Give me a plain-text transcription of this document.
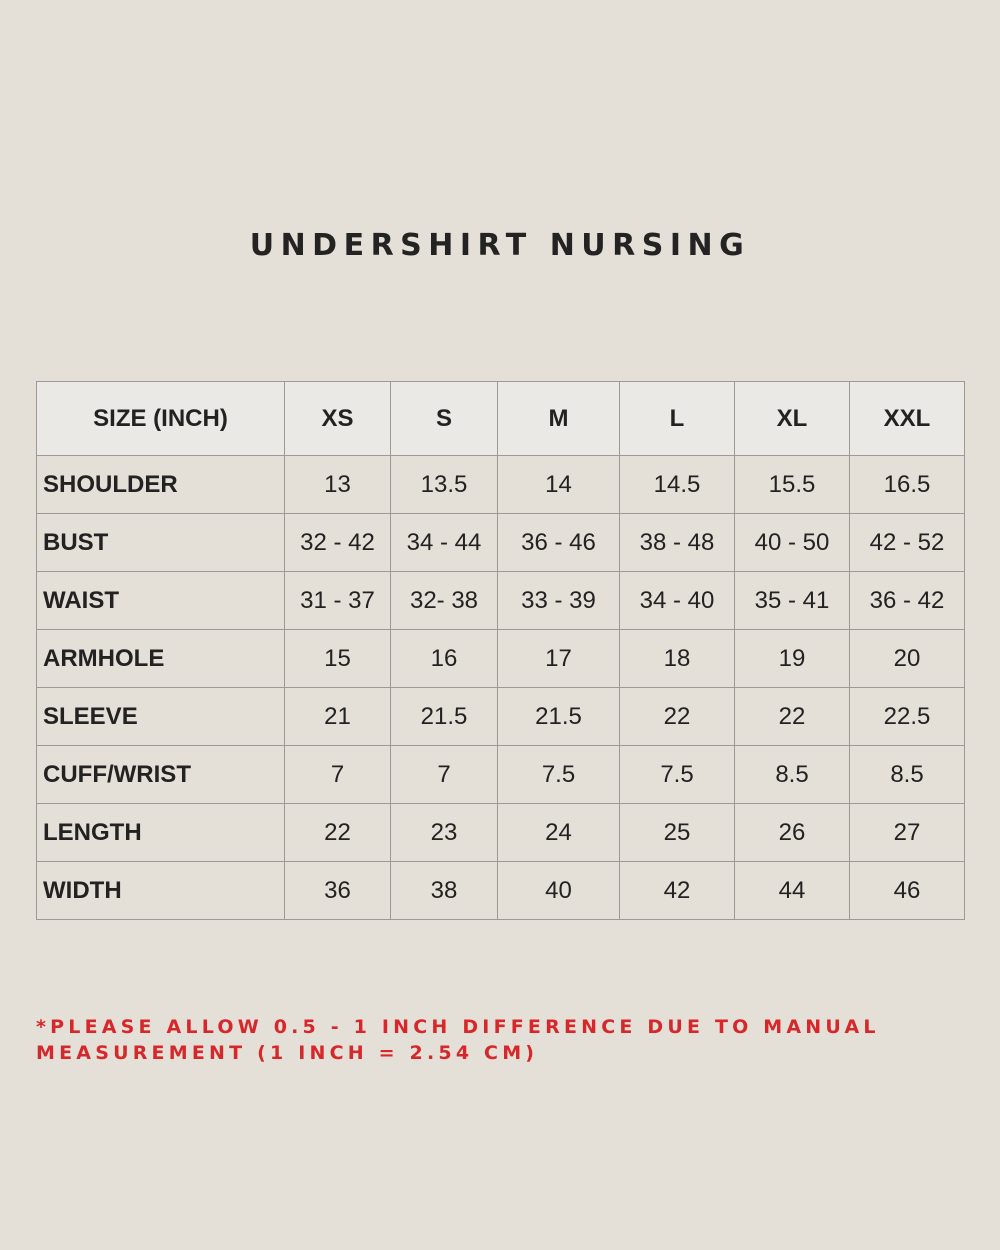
UNDERSHIRT NURSING
SIZE (INCH)	XS	S	M	L	XL	XXL
SHOULDER	13	13.5	14	14.5	15.5	16.5
BUST	32 - 42	34 - 44	36 - 46	38 - 48	40 - 50	42 - 52
WAIST	31 - 37	32- 38	33 - 39	34 - 40	35 - 41	36 - 42
ARMHOLE	15	16	17	18	19	20
SLEEVE	21	21.5	21.5	22	22	22.5
CUFF/WRIST	7	7	7.5	7.5	8.5	8.5
LENGTH	22	23	24	25	26	27
WIDTH	36	38	40	42	44	46
*PLEASE ALLOW 0.5 - 1 INCH DIFFERENCE DUE TO MANUAL
MEASUREMENT (1 INCH = 2.54 CM)
